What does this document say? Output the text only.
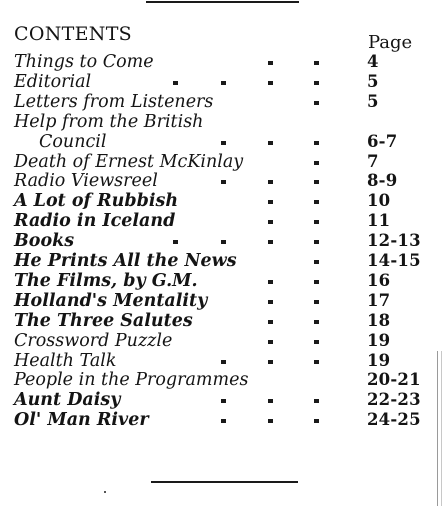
CONTENTS	Page
Things to Come	4
Editorial	5
Letters from Listeners	5
Help from the British
Council	6-7
Death of Ernest McKinlay	7
Radio Viewsreel	8-9
A Lot of Rubbish	10
Radio in Iceland	11
Books	12-13
He Prints All the News	14-15
The Films, by G.M.	16
Holland's Mentality	17
The Three Salutes	18
Crossword Puzzle	19
Health Talk	19
People in the Programmes	20-21
Aunt Daisy	22-23
Ol' Man River	24-25
